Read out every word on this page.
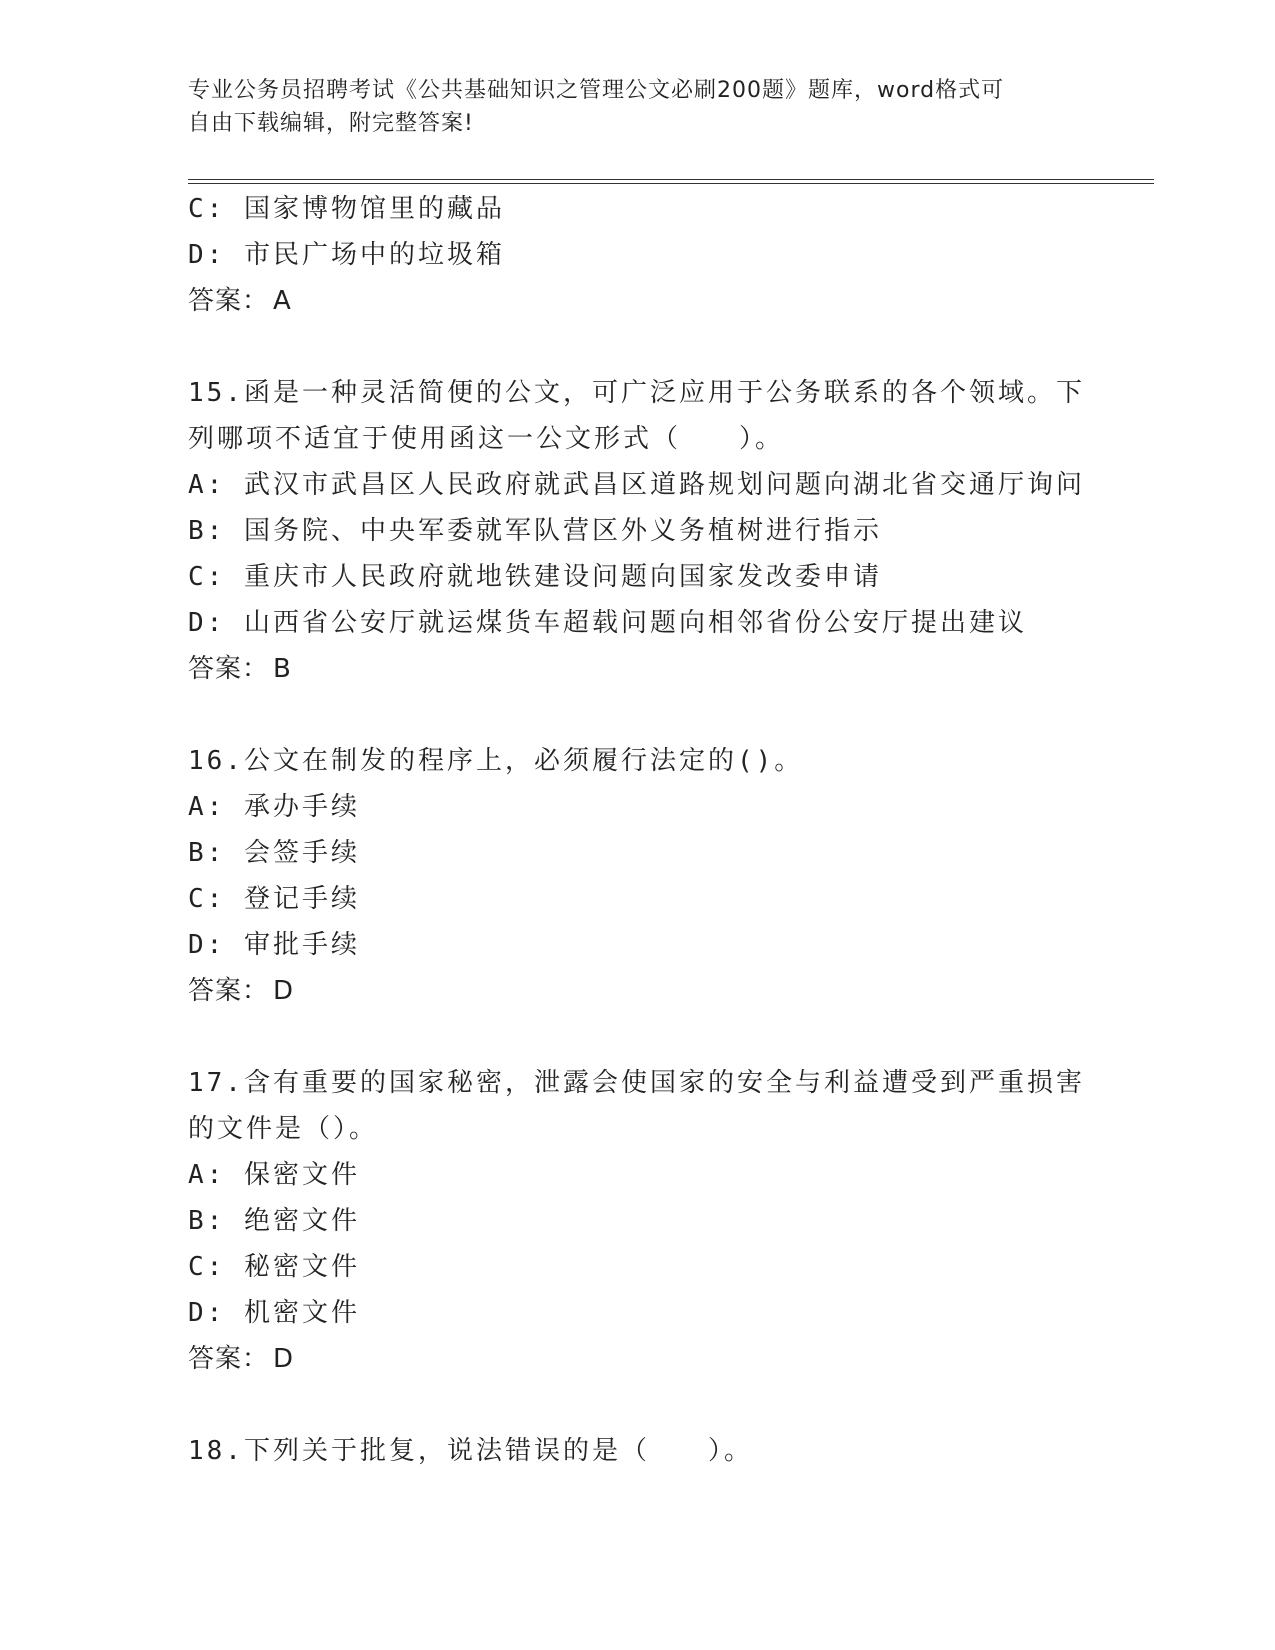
专业公务员招聘考试《公共基础知识之管理公文必刷200题》题库，word格式可
自由下载编辑，附完整答案!
C: 国家博物馆里的藏品
D: 市民广场中的垃圾箱
答案： A
15.函是一种灵活简便的公文，可广泛应用于公务联系的各个领域。下
列哪项不适宜于使用函这一公文形式（　　）。
A: 武汉市武昌区人民政府就武昌区道路规划问题向湖北省交通厅询问
B: 国务院、中央军委就军队营区外义务植树进行指示
C: 重庆市人民政府就地铁建设问题向国家发改委申请
D: 山西省公安厅就运煤货车超载问题向相邻省份公安厅提出建议
答案： B
16.公文在制发的程序上，必须履行法定的()。
A: 承办手续
B: 会签手续
C: 登记手续
D: 审批手续
答案： D
17.含有重要的国家秘密，泄露会使国家的安全与利益遭受到严重损害
的文件是（）。
A: 保密文件
B: 绝密文件
C: 秘密文件
D: 机密文件
答案： D
18.下列关于批复，说法错误的是（　　）。
